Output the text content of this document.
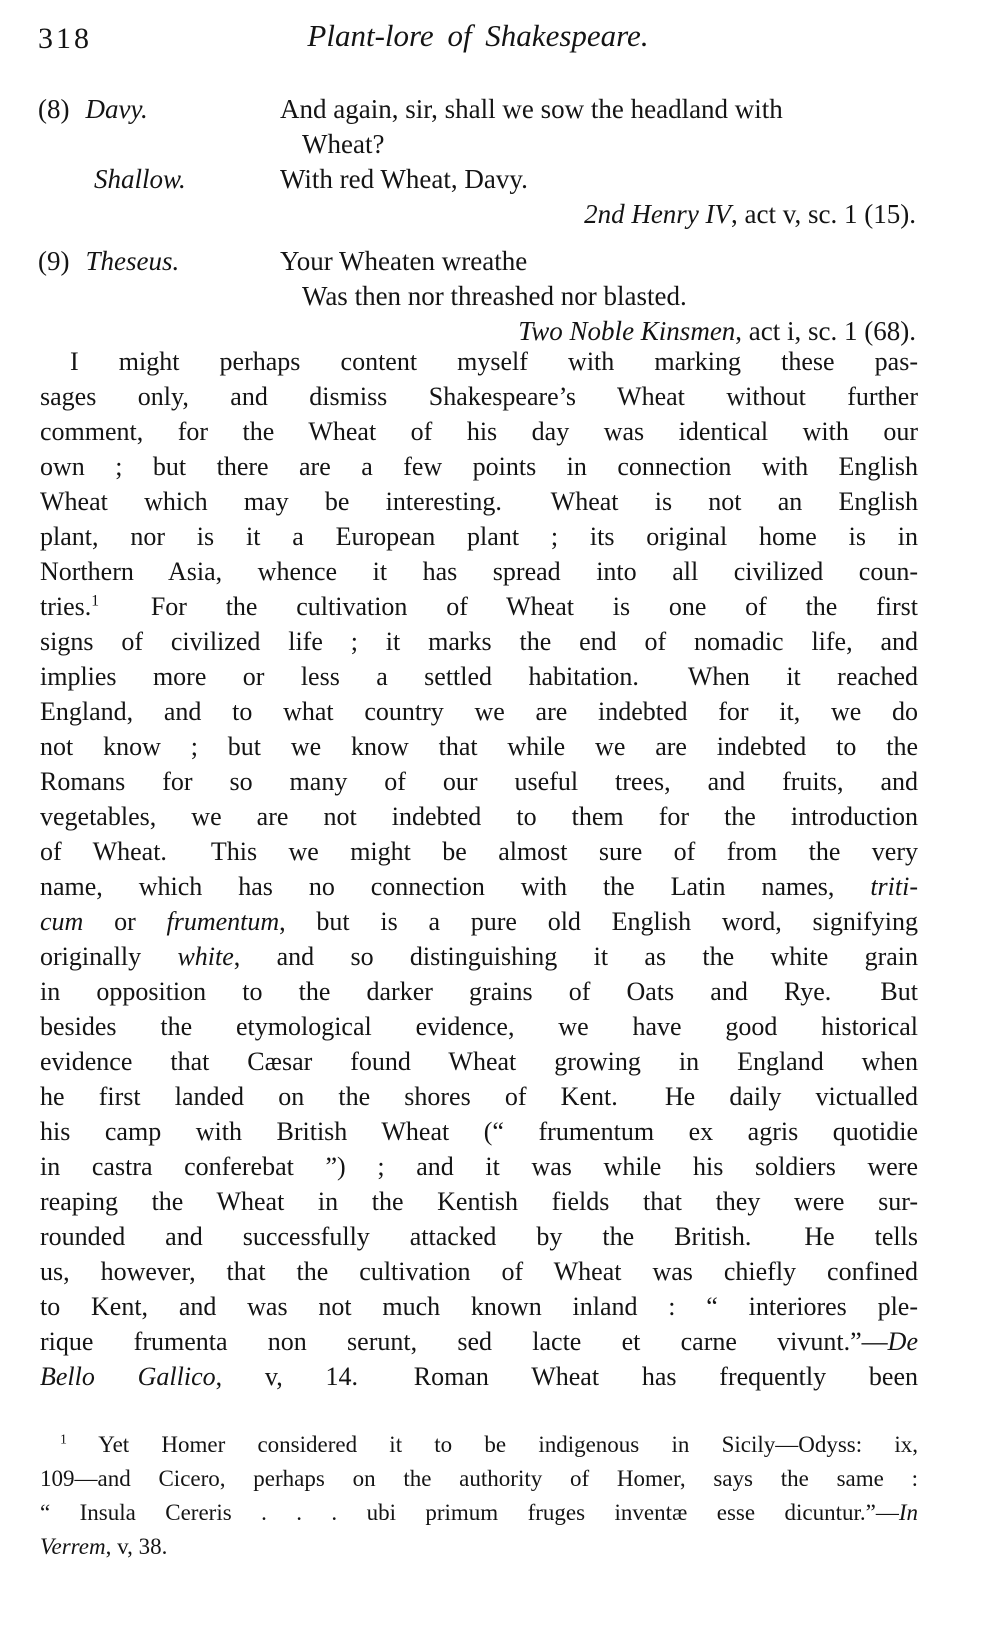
318	Plant-lore of Shakespeare.
(8) Davy.	And again, sir, shall we sow the headland with
Wheat?
Shallow.	With red Wheat, Davy.
2nd Henry IV, act v, sc. 1 (15).
(9) Theseus.	Your Wheaten wreathe
Was then nor threashed nor blasted.
Two Noble Kinsmen, act i, sc. 1 (68).
I might perhaps content myself with marking these pas-
sages only, and dismiss Shakespeare’s Wheat without further
comment, for the Wheat of his day was identical with our
own ; but there are a few points in connection with English
Wheat which may be interesting.  Wheat is not an English
plant, nor is it a European plant ; its original home is in
Northern Asia, whence it has spread into all civilized coun-
tries.$^1$  For the cultivation of Wheat is one of the first
signs of civilized life ; it marks the end of nomadic life, and
implies more or less a settled habitation.  When it reached
England, and to what country we are indebted for it, we do
not know ; but we know that while we are indebted to the
Romans for so many of our useful trees, and fruits, and
vegetables, we are not indebted to them for the introduction
of Wheat.  This we might be almost sure of from the very
name, which has no connection with the Latin names, triti-
cum or frumentum, but is a pure old English word, signifying
originally white, and so distinguishing it as the white grain
in opposition to the darker grains of Oats and Rye.  But
besides the etymological evidence, we have good historical
evidence that Cæsar found Wheat growing in England when
he first landed on the shores of Kent.  He daily victualled
his camp with British Wheat (“ frumentum ex agris quotidie
in castra conferebat ”) ; and it was while his soldiers were
reaping the Wheat in the Kentish fields that they were sur-
rounded and successfully attacked by the British.  He tells
us, however, that the cultivation of Wheat was chiefly confined
to Kent, and was not much known inland : “ interiores ple-
rique frumenta non serunt, sed lacte et carne vivunt.”—De
Bello Gallico, v, 14.  Roman Wheat has frequently been
$^1$ Yet Homer considered it to be indigenous in Sicily—Odyss: ix,
109—and Cicero, perhaps on the authority of Homer, says the same :
“ Insula Cereris . . . ubi primum fruges inventæ esse dicuntur.”—In
Verrem, v, 38.
